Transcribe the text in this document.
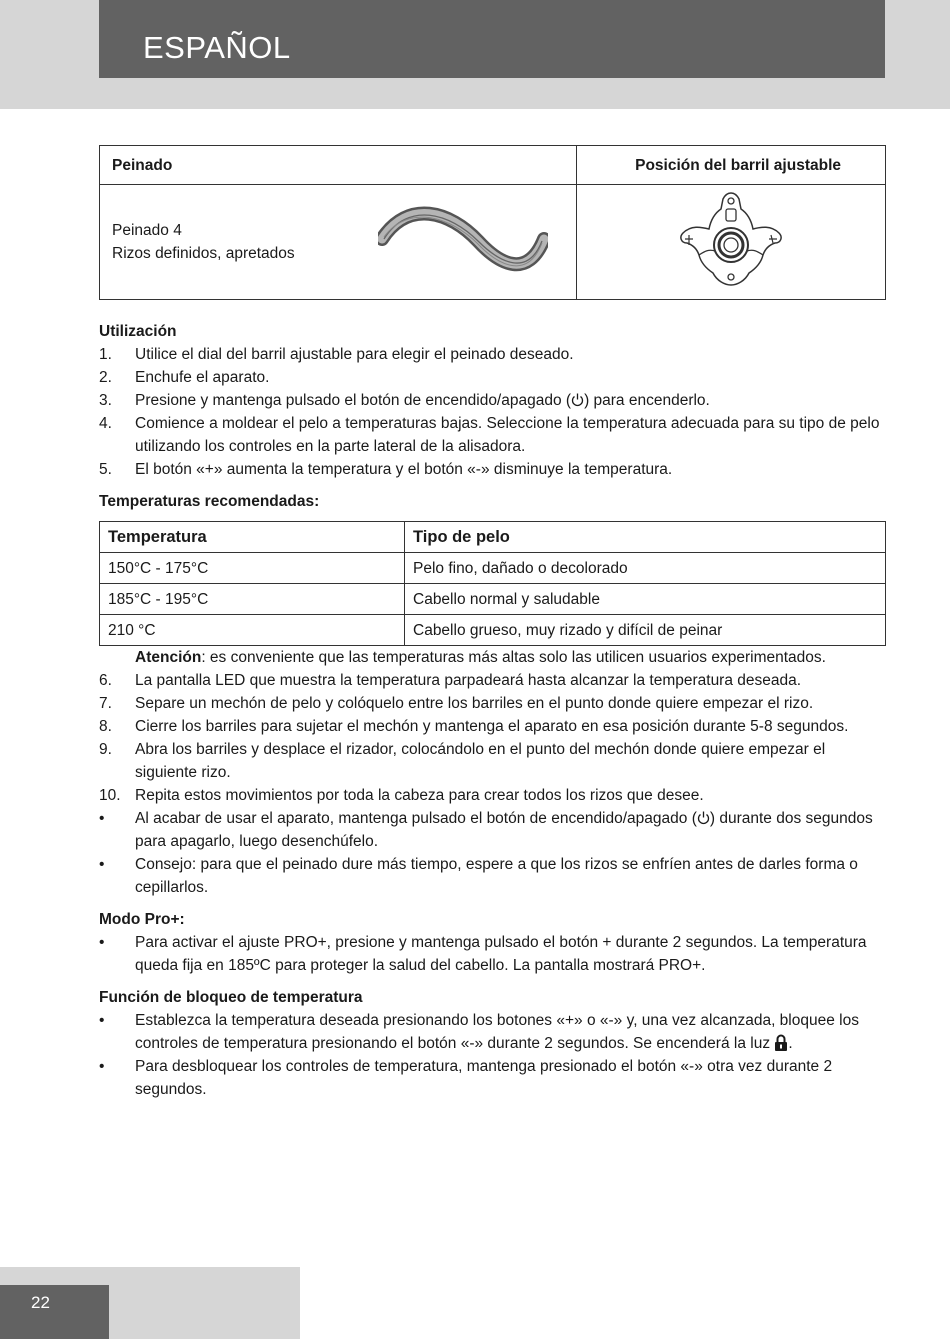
ESPAÑOL
Peinado	Posición del barril ajustable

Peinado 4
Rizos definidos, apretados

Utilización
1. Utilice el dial del barril ajustable para elegir el peinado deseado.
2. Enchufe el aparato.
3. Presione y mantenga pulsado el botón de encendido/apagado ( ) para encenderlo.
4. Comience a moldear el pelo a temperaturas bajas. Seleccione la temperatura adecuada para su tipo de pelo utilizando los controles en la parte lateral de la alisadora.
5. El botón «+» aumenta la temperatura y el botón «-» disminuye la temperatura.
Temperaturas recomendadas:
Temperatura	Tipo de pelo
150°C - 175°C	Pelo fino, dañado o decolorado
185°C - 195°C	Cabello normal y saludable
210 °C	Cabello grueso, muy rizado y difícil de peinar
Atención: es conveniente que las temperaturas más altas solo las utilicen usuarios experimentados.
6. La pantalla LED que muestra la temperatura parpadeará hasta alcanzar la temperatura deseada.
7. Separe un mechón de pelo y colóquelo entre los barriles en el punto donde quiere empezar el rizo.
8. Cierre los barriles para sujetar el mechón y mantenga el aparato en esa posición durante 5-8 segundos.
9. Abra los barriles y desplace el rizador, colocándolo en el punto del mechón donde quiere empezar el siguiente rizo.
10. Repita estos movimientos por toda la cabeza para crear todos los rizos que desee.
• Al acabar de usar el aparato, mantenga pulsado el botón de encendido/apagado ( ) durante dos segundos para apagarlo, luego desenchúfelo.
• Consejo: para que el peinado dure más tiempo, espere a que los rizos se enfríen antes de darles forma o cepillarlos.
Modo Pro+:
• Para activar el ajuste PRO+, presione y mantenga pulsado el botón + durante 2 segundos. La temperatura queda fija en 185ºC para proteger la salud del cabello. La pantalla mostrará PRO+.
Función de bloqueo de temperatura
• Establezca la temperatura deseada presionando los botones «+» o «-» y, una vez alcanzada, bloquee los controles de temperatura presionando el botón «-» durante 2 segundos. Se encenderá la luz .
• Para desbloquear los controles de temperatura, mantenga presionado el botón «-» otra vez durante 2 segundos.
22
